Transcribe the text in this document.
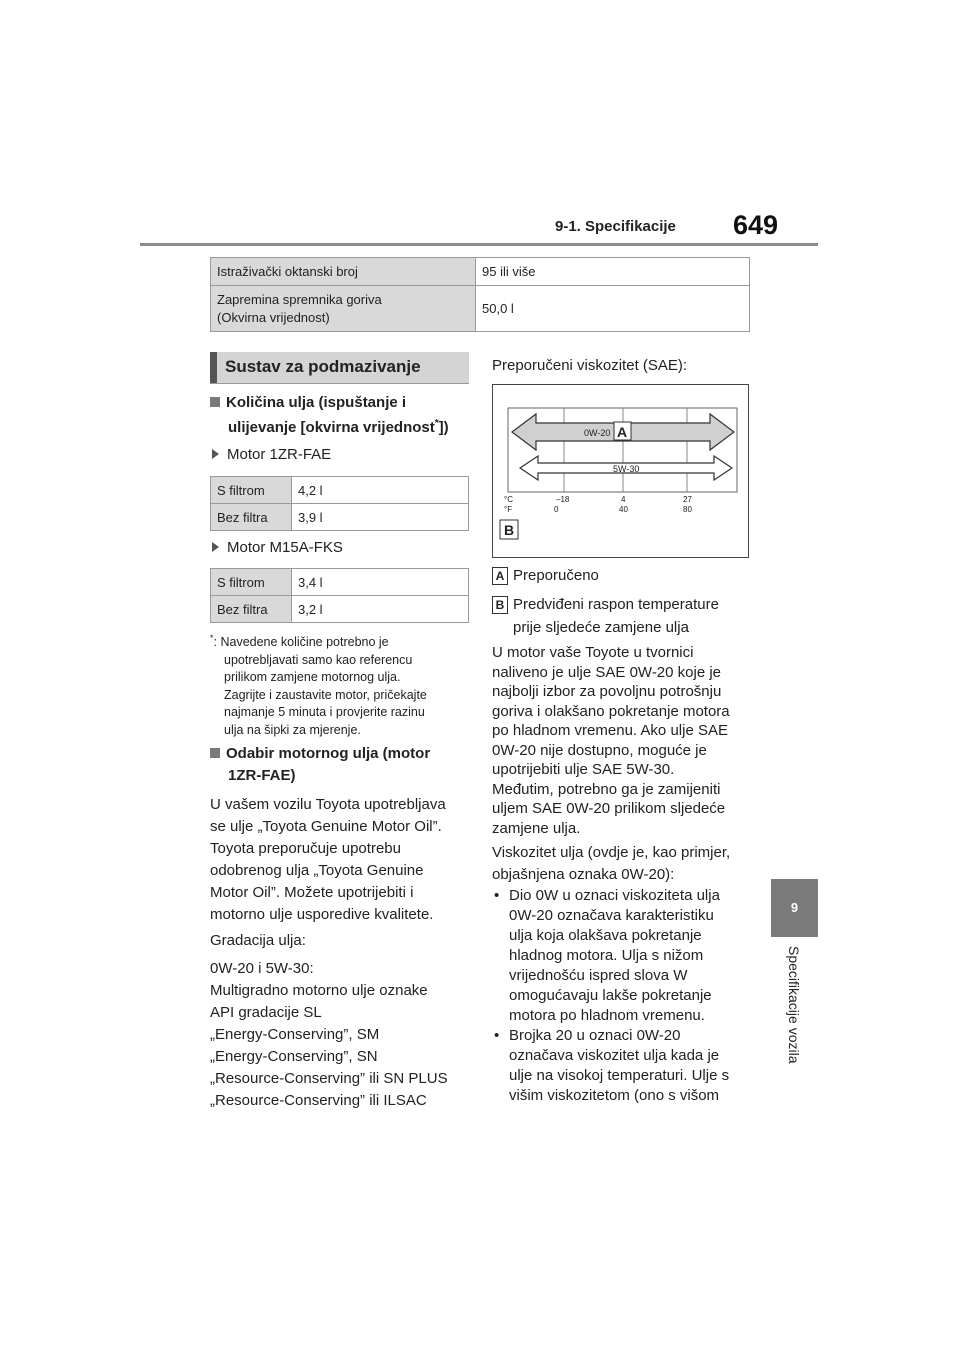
9-1. Specifikacije 649
9
Specifikacije vozila
Istraživački oktanski broj	95 ili više

Zapremina spremnika goriva
(Okvirna vrijednost)	50,0 l
Sustav za podmazivanje
Količina ulja (ispuštanje i
ulijevanje [okvirna vrijednost*])
Motor 1ZR-FAE
S filtrom	4,2 l
Bez filtra	3,9 l
Motor M15A-FKS
S filtrom	3,4 l
Bez filtra	3,2 l
*: Navedene količine potrebno je
upotrebljavati samo kao referencu
prilikom zamjene motornog ulja.
Zagrijte i zaustavite motor, pričekajte
najmanje 5 minuta i provjerite razinu
ulja na šipki za mjerenje.
Odabir motornog ulja (motor
1ZR-FAE)
U vašem vozilu Toyota upotrebljava
se ulje „Toyota Genuine Motor Oil”.
Toyota preporučuje upotrebu
odobrenog ulja „Toyota Genuine
Motor Oil”. Možete upotrijebiti i
motorno ulje usporedive kvalitete.
Gradacija ulja:
0W-20 i 5W-30:
Multigradno motorno ulje oznake
API gradacije SL
„Energy-Conserving”, SM
„Energy-Conserving”, SN
„Resource-Conserving” ili SN PLUS
„Resource-Conserving” ili ILSAC
Preporučeni viskozitet (SAE):
0W-20 A
5W-30
°C
°F
–18	4	27
0	40	80
B
A Preporučeno
B Predviđeni raspon temperature
prije sljedeće zamjene ulja
U motor vaše Toyote u tvornici
naliveno je ulje SAE 0W-20 koje je
najbolji izbor za povoljnu potrošnju
goriva i olakšano pokretanje motora
po hladnom vremenu. Ako ulje SAE
0W-20 nije dostupno, moguće je
upotrijebiti ulje SAE 5W-30.
Međutim, potrebno ga je zamijeniti
uljem SAE 0W-20 prilikom sljedeće
zamjene ulja.
Viskozitet ulja (ovdje je, kao primjer,
objašnjena oznaka 0W-20):
• Dio 0W u oznaci viskoziteta ulja
0W-20 označava karakteristiku
ulja koja olakšava pokretanje
hladnog motora. Ulja s nižom
vrijednošću ispred slova W
omogućavaju lakše pokretanje
motora po hladnom vremenu.
• Brojka 20 u oznaci 0W-20
označava viskozitet ulja kada je
ulje na visokoj temperaturi. Ulje s
višim viskozitetom (ono s višom
